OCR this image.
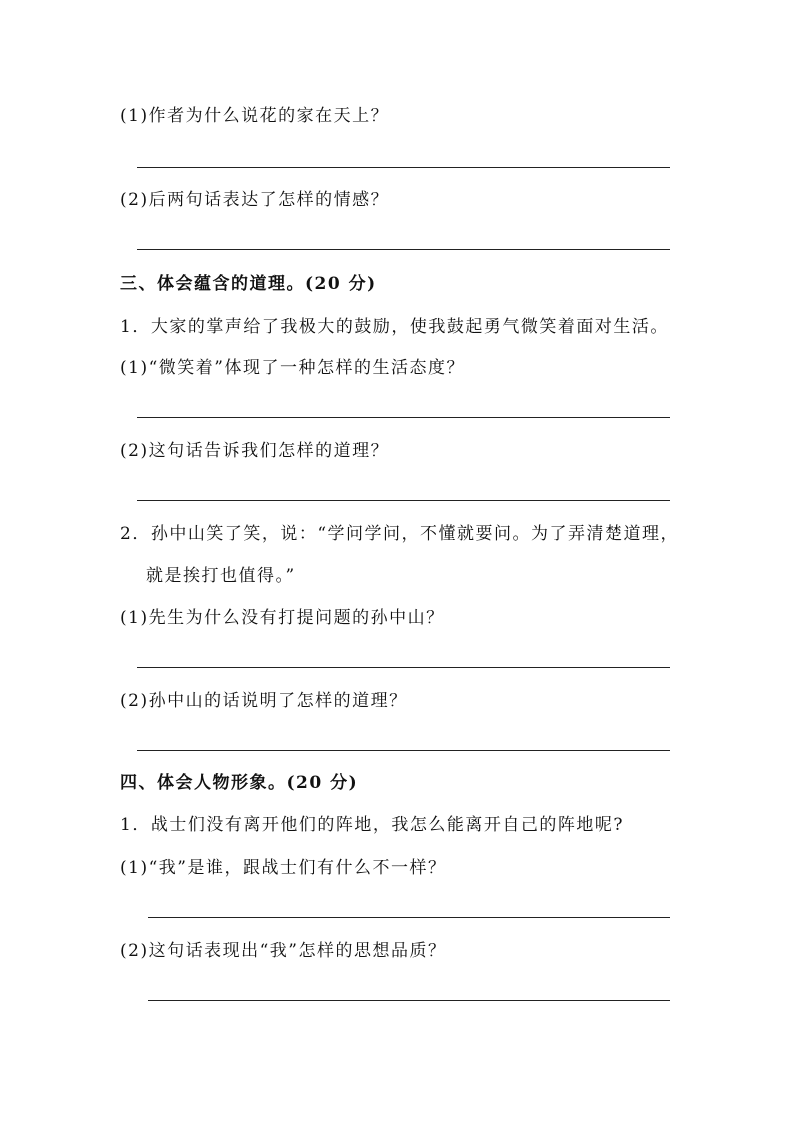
(1)作者为什么说花的家在天上？
(2)后两句话表达了怎样的情感？
三、体会蕴含的道理。(20 分)
1．大家的掌声给了我极大的鼓励，使我鼓起勇气微笑着面对生活。
(1)“微笑着”体现了一种怎样的生活态度？
(2)这句话告诉我们怎样的道理？
2．孙中山笑了笑，说：“学问学问，不懂就要问。为了弄清楚道理，
就是挨打也值得。”
(1)先生为什么没有打提问题的孙中山？
(2)孙中山的话说明了怎样的道理？
四、体会人物形象。(20 分)
1．战士们没有离开他们的阵地，我怎么能离开自己的阵地呢?
(1)“我”是谁，跟战士们有什么不一样？
(2)这句话表现出“我”怎样的思想品质？
